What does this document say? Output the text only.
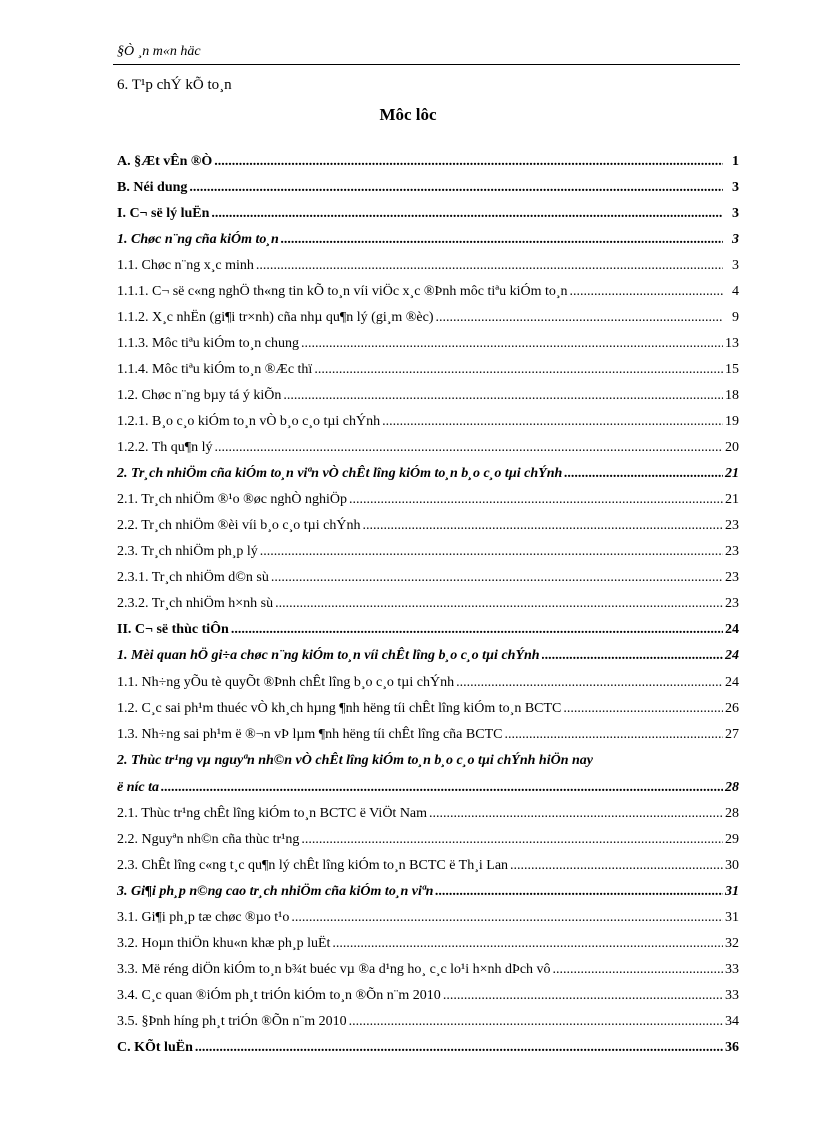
§Ò ¸n m«n häc
6. T¹p chÝ kÕ to¸n
Môc lôc
A. §Æt vÊn ®Ò .....	1
B. Néi dung .....	3
I. C¬ së lý luËn .....	3
1. Chøc n¨ng cña kiÓm to¸n .....	3
1.1. Chøc n¨ng x¸c minh .....	3
1.1.1. C¬ së c«ng nghÖ th«ng tin kÕ to¸n víi viÖc x¸c ®Þnh môc tiªu kiÓm to¸n .....	4
1.1.2. X¸c nhËn (gi¶i tr×nh) cña nhµ qu¶n lý (gi¸m ®èc) .....	9
1.1.3. Môc tiªu kiÓm to¸n chung .....	13
1.1.4. Môc tiªu kiÓm to¸n ®Æc thï .....	15
1.2. Chøc n¨ng bµy tá ý kiÕn .....	18
1.2.1. B¸o c¸o kiÓm to¸n vÒ b¸o c¸o tµi chÝnh .....	19
1.2.2. Th qu¶n lý .....	20
2. Tr¸ch nhiÖm cña kiÓm to¸n viªn vÒ chÊt lîng kiÓm to¸n b¸o c¸o tµi chÝnh .....	21
2.1. Tr¸ch nhiÖm ®¹o ®øc nghÒ nghiÖp .....	21
2.2. Tr¸ch nhiÖm ®èi víi b¸o c¸o tµi chÝnh .....	23
2.3. Tr¸ch nhiÖm ph¸p lý .....	23
2.3.1. Tr¸ch nhiÖm d©n sù .....	23
2.3.2. Tr¸ch nhiÖm h×nh sù .....	23
II. C¬ së thùc tiÔn .....	24
1. Mèi quan hÖ gi÷a chøc n¨ng kiÓm to¸n víi chÊt lîng b¸o c¸o tµi chÝnh .....	24
1.1. Nh÷ng yÕu tè quyÕt ®Þnh chÊt lîng b¸o c¸o tµi chÝnh .....	24
1.2. C¸c sai ph¹m thuéc vÒ kh¸ch hµng ¶nh hëng tíi chÊt lîng kiÓm to¸n BCTC .....	26
1.3. Nh÷ng sai ph¹m ë ®¬n vÞ lµm ¶nh hëng tíi chÊt lîng cña BCTC .....	27
2. Thùc tr¹ng vµ nguyªn nh©n vÒ chÊt lîng kiÓm to¸n b¸o c¸o tµi chÝnh hiÖn nay
ë níc ta .....	28
2.1. Thùc tr¹ng chÊt lîng kiÓm to¸n BCTC ë ViÖt Nam .....	28
2.2. Nguyªn nh©n cña thùc tr¹ng .....	29
2.3. ChÊt lîng c«ng t¸c qu¶n lý chÊt lîng kiÓm to¸n BCTC ë Th¸i Lan .....	30
3. Gi¶i ph¸p n©ng cao tr¸ch nhiÖm cña kiÓm to¸n viªn .....	31
3.1. Gi¶i ph¸p tæ chøc ®µo t¹o .....	31
3.2. Hoµn thiÖn khu«n khæ ph¸p luËt .....	32
3.3. Më réng diÖn kiÓm to¸n b¾t buéc vµ ®a d¹ng ho¸ c¸c lo¹i h×nh dÞch vô .....	33
3.4. C¸c quan ®iÓm ph¸t triÓn kiÓm to¸n ®Õn n¨m 2010 .....	33
3.5. §Þnh híng ph¸t triÓn ®Õn n¨m 2010 .....	34
C. KÕt luËn .....	36
